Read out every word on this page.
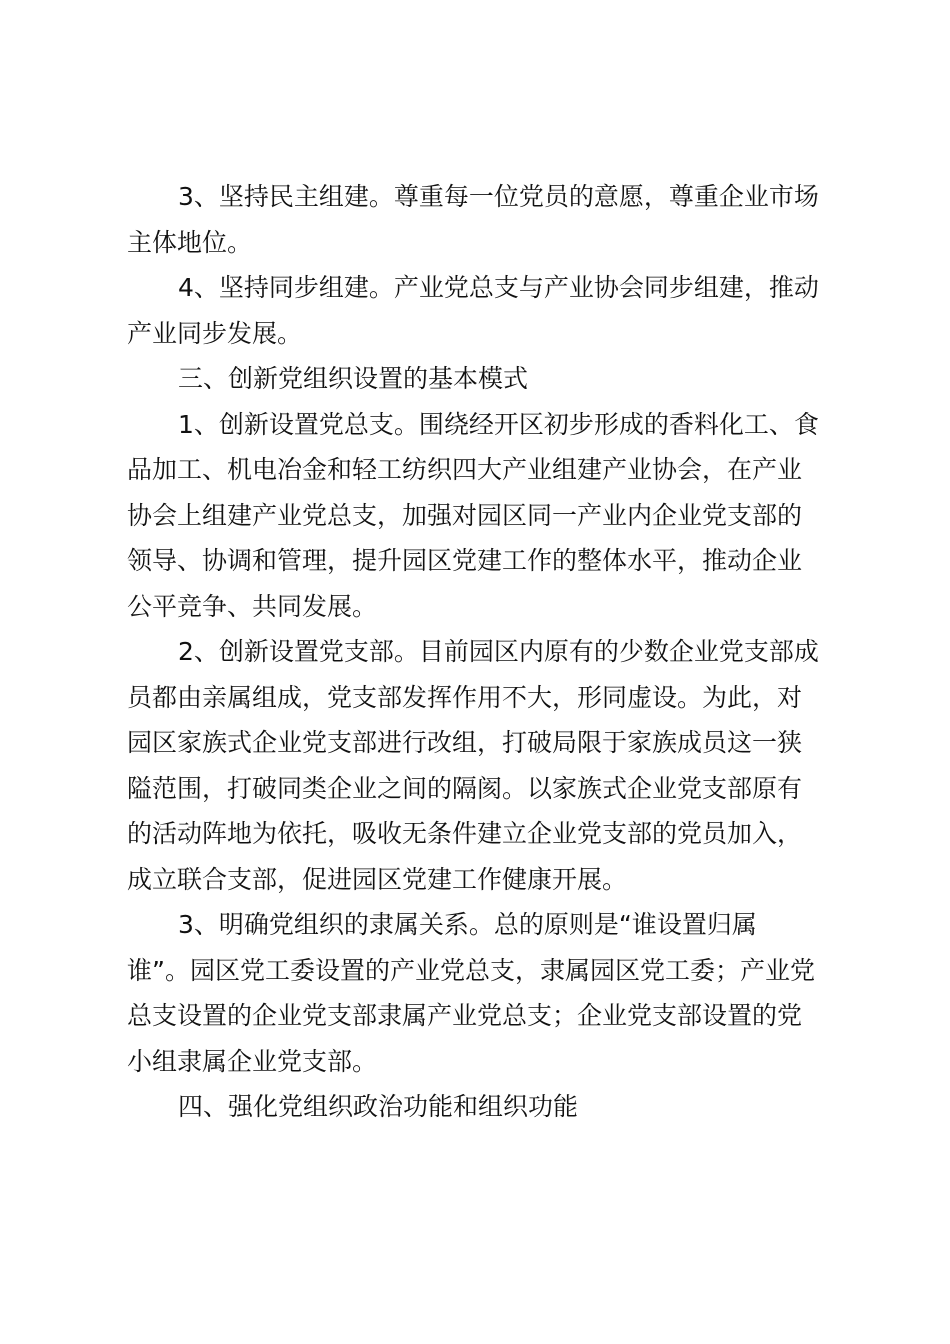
3、坚持民主组建。尊重每一位党员的意愿，尊重企业市场
主体地位。
4、坚持同步组建。产业党总支与产业协会同步组建，推动
产业同步发展。
三、创新党组织设置的基本模式
1、创新设置党总支。围绕经开区初步形成的香料化工、食
品加工、机电冶金和轻工纺织四大产业组建产业协会，在产业
协会上组建产业党总支，加强对园区同一产业内企业党支部的
领导、协调和管理，提升园区党建工作的整体水平，推动企业
公平竞争、共同发展。
2、创新设置党支部。目前园区内原有的少数企业党支部成
员都由亲属组成，党支部发挥作用不大，形同虚设。为此，对
园区家族式企业党支部进行改组，打破局限于家族成员这一狭
隘范围，打破同类企业之间的隔阂。以家族式企业党支部原有
的活动阵地为依托，吸收无条件建立企业党支部的党员加入，
成立联合支部，促进园区党建工作健康开展。
3、明确党组织的隶属关系。总的原则是“谁设置归属
谁”。园区党工委设置的产业党总支，隶属园区党工委；产业党
总支设置的企业党支部隶属产业党总支；企业党支部设置的党
小组隶属企业党支部。
四、强化党组织政治功能和组织功能
